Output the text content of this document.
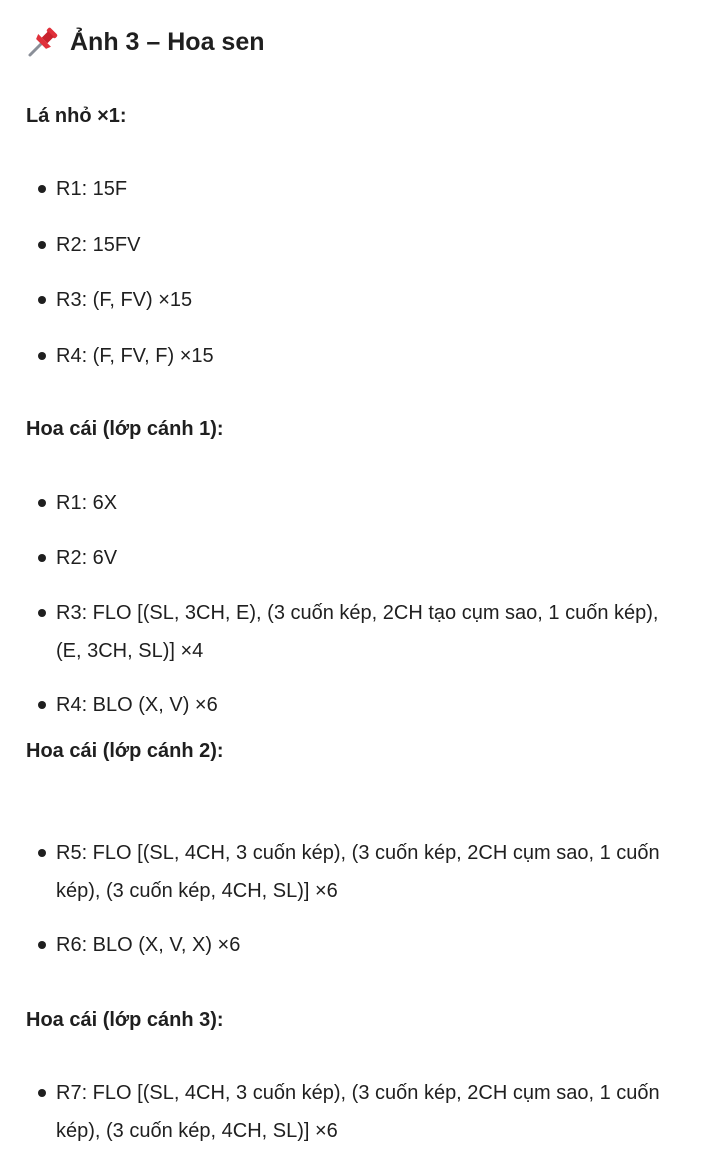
Ảnh 3 – Hoa sen
Lá nhỏ ×1:
R1: 15F
R2: 15FV
R3: (F, FV) ×15
R4: (F, FV, F) ×15
Hoa cái (lớp cánh 1):
R1: 6X
R2: 6V
R3: FLO [(SL, 3CH, E), (3 cuốn kép, 2CH tạo cụm sao, 1 cuốn kép), (E, 3CH, SL)] ×4
R4: BLO (X, V) ×6
Hoa cái (lớp cánh 2):
R5: FLO [(SL, 4CH, 3 cuốn kép), (3 cuốn kép, 2CH cụm sao, 1 cuốn kép), (3 cuốn kép, 4CH, SL)] ×6
R6: BLO (X, V, X) ×6
Hoa cái (lớp cánh 3):
R7: FLO [(SL, 4CH, 3 cuốn kép), (3 cuốn kép, 2CH cụm sao, 1 cuốn kép), (3 cuốn kép, 4CH, SL)] ×6
